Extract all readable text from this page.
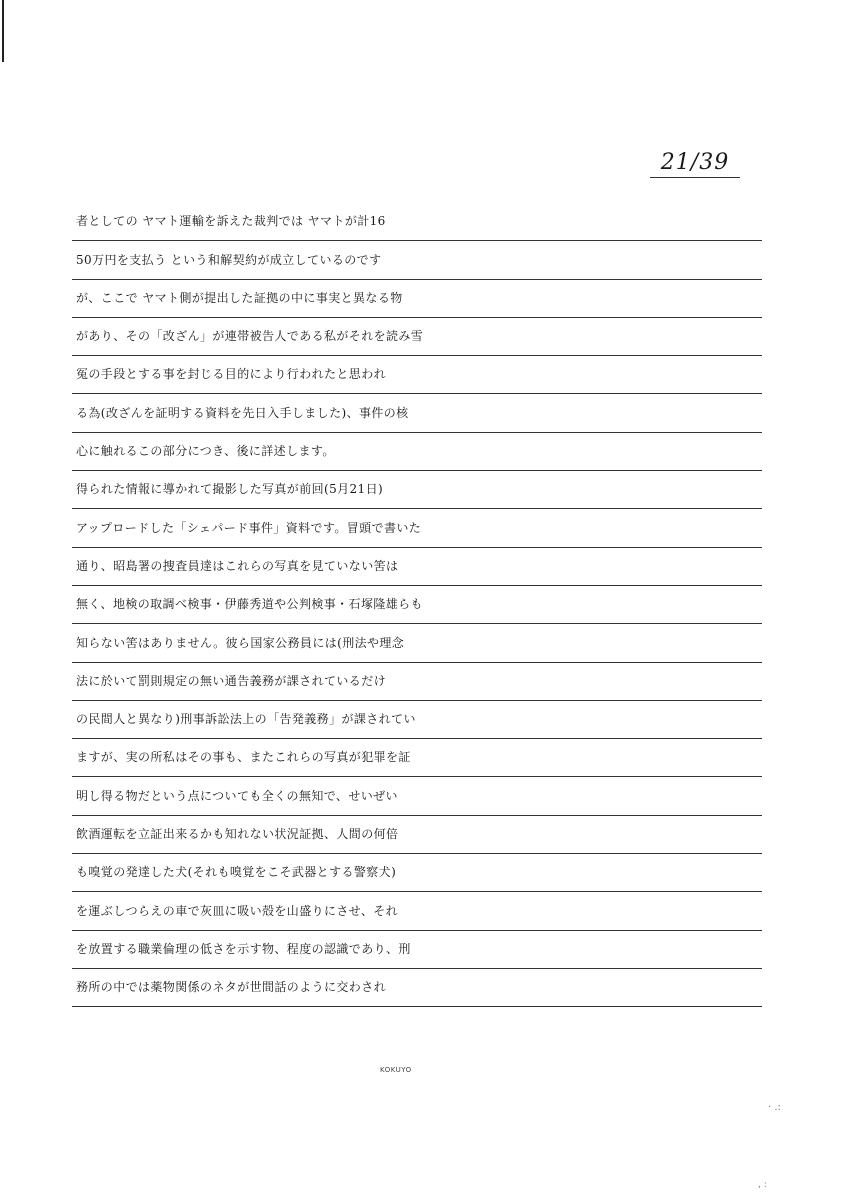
21/39
者としての ヤマト運輸を訴えた裁判では ヤマトが計16
50万円を支払う という和解契約が成立しているのです
が、ここで ヤマト側が提出した証拠の中に事実と異なる物
があり、その「改ざん」が連帯被告人である私がそれを読み雪
冤の手段とする事を封じる目的により行われたと思われ
る為(改ざんを証明する資料を先日入手しました)、事件の核
心に触れるこの部分につき、後に詳述します。
得られた情報に導かれて撮影した写真が前回(5月21日)
アップロードした「シェパード事件」資料です。冒頭で書いた
通り、昭島署の捜査員達はこれらの写真を見ていない筈は
無く、地検の取調べ検事・伊藤秀道や公判検事・石塚隆雄らも
知らない筈はありません。彼ら国家公務員には(刑法や理念
法に於いて罰則規定の無い通告義務が課されているだけ
の民間人と異なり)刑事訴訟法上の「告発義務」が課されてい
ますが、実の所私はその事も、またこれらの写真が犯罪を証
明し得る物だという点についても全くの無知で、せいぜい
飲酒運転を立証出来るかも知れない状況証拠、人間の何倍
も嗅覚の発達した犬(それも嗅覚をこそ武器とする警察犬)
を運ぶしつらえの車で灰皿に吸い殻を山盛りにさせ、それ
を放置する職業倫理の低さを示す物、程度の認識であり、刑
務所の中では薬物関係のネタが世間話のように交わされ
KOKUYO
· .:
, :
